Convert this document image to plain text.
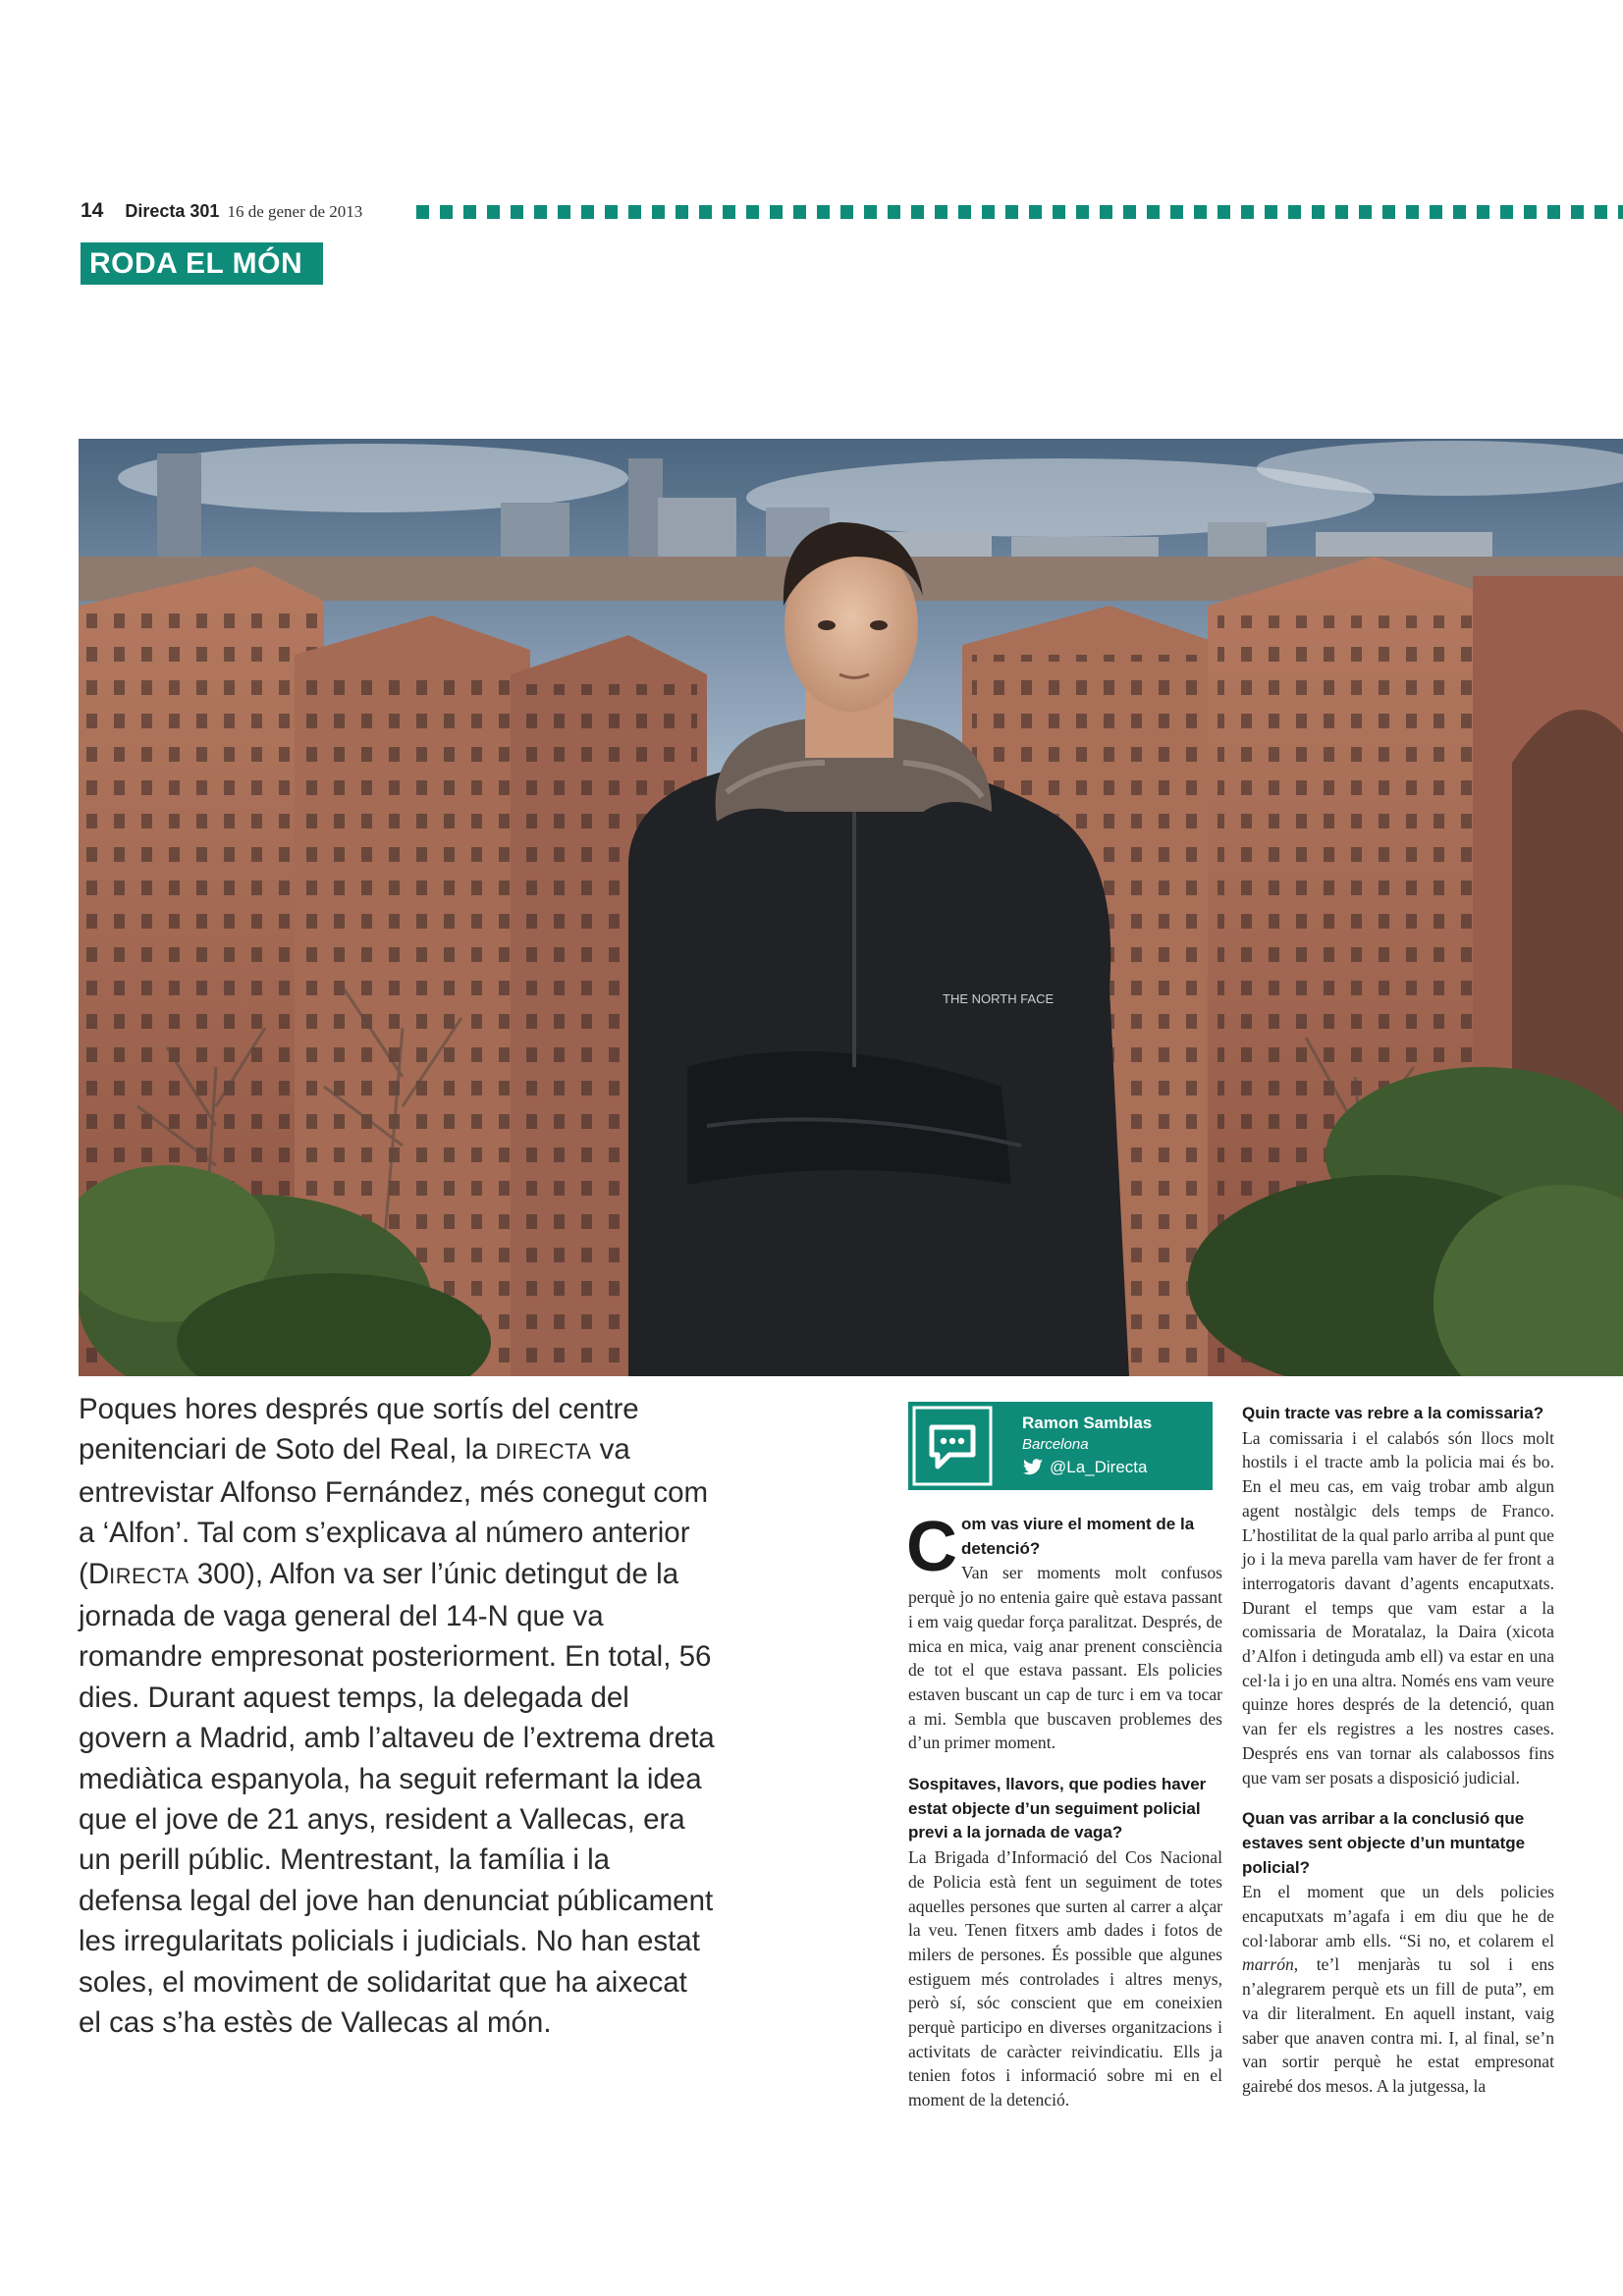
14 Directa 301 16 de gener de 2013
RODA EL MÓN
THE NORTH FACE

Poques hores després que sortís del centre penitenciari de Soto del Real, la DIRECTA va entrevistar Alfonso Fernández, més conegut com a ‘Alfon’. Tal com s’explicava al número anterior (DIRECTA 300), Alfon va ser l’únic detingut de la jornada de vaga general del 14-N que va romandre empresonat posteriorment. En total, 56 dies. Durant aquest temps, la delegada del govern a Madrid, amb l’altaveu de l’extrema dreta mediàtica espanyola, ha seguit refermant la idea que el jove de 21 anys, resident a Vallecas, era un perill públic. Mentrestant, la família i la defensa legal del jove han denunciat públicament les irregularitats policials i judicials. No han estat soles, el moviment de solidaritat que ha aixecat el cas s’ha estès de Vallecas al món.

Ramon Samblas
Barcelona
@La_Directa

Com vas viure el moment de la detenció?

Van ser moments molt confusos perquè jo no entenia gaire què estava passant i em vaig quedar força paralitzat. Després, de mica en mica, vaig anar prenent consciència de tot el que estava passant. Els policies estaven buscant un cap de turc i em va tocar a mi. Sembla que buscaven problemes des d’un primer moment.

Sospitaves, llavors, que podies haver estat objecte d’un seguiment policial previ a la jornada de vaga?

La Brigada d’Informació del Cos Nacional de Policia està fent un seguiment de totes aquelles persones que surten al carrer a alçar la veu. Tenen fitxers amb dades i fotos de milers de persones. És possible que algunes estiguem més controlades i altres menys, però sí, sóc conscient que em coneixien perquè participo en diverses organitzacions i activitats de caràcter reivindicatiu. Ells ja tenien fotos i informació sobre mi en el moment de la detenció.

Quin tracte vas rebre a la comissaria?

La comissaria i el calabós són llocs molt hostils i el tracte amb la policia mai és bo. En el meu cas, em vaig trobar amb algun agent nostàlgic dels temps de Franco. L’hostilitat de la qual parlo arriba al punt que jo i la meva parella vam haver de fer front a interrogatoris davant d’agents encaputxats. Durant el temps que vam estar a la comissaria de Moratalaz, la Daira (xicota d’Alfon i detinguda amb ell) va estar en una cel·la i jo en una altra. Només ens vam veure quinze hores després de la detenció, quan van fer els registres a les nostres cases. Després ens van tornar als calabossos fins que vam ser posats a disposició judicial.

Quan vas arribar a la conclusió que estaves sent objecte d’un muntatge policial?

En el moment que un dels policies encaputxats m’agafa i em diu que he de col·laborar amb ells. “Si no, et colarem el marrón, te’l menjaràs tu sol i ens n’alegrarem perquè ets un fill de puta”, em va dir literalment. En aquell instant, vaig saber que anaven contra mi. I, al final, se’n van sortir perquè he estat empresonat gairebé dos mesos. A la jutgessa, la
